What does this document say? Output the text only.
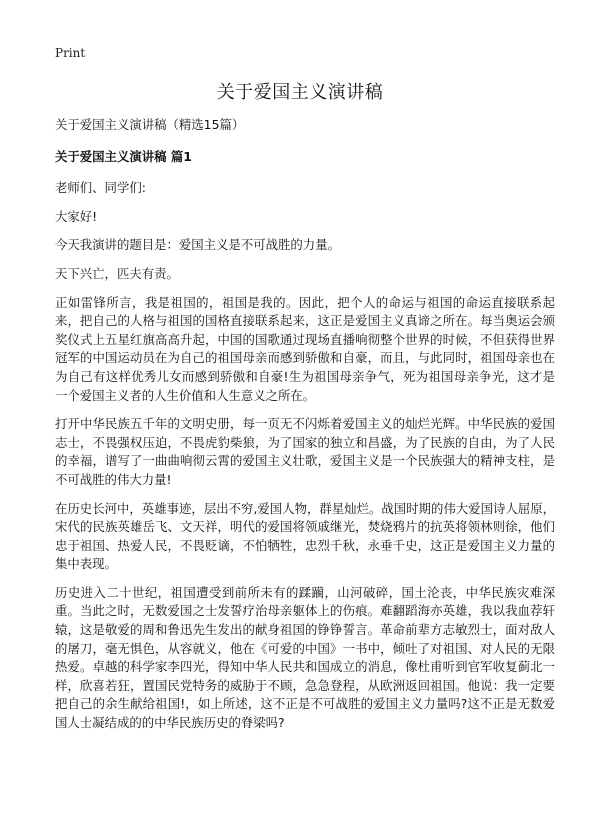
Print
关于爱国主义演讲稿

关于爱国主义演讲稿（精选15篇）

关于爱国主义演讲稿 篇1

老师们、同学们:

大家好!

今天我演讲的题目是：爱国主义是不可战胜的力量。

天下兴亡，匹夫有责。

正如雷锋所言，我是祖国的，祖国是我的。因此，把个人的命运与祖国的命运直接联系起来，把自己的人格与祖国的国格直接联系起来，这正是爱国主义真谛之所在。每当奥运会颁奖仪式上五星红旗高高升起，中国的国歌通过现场直播响彻整个世界的时候，不但获得世界冠军的中国运动员在为自己的祖国母亲而感到骄傲和自豪，而且，与此同时，祖国母亲也在为自己有这样优秀儿女而感到骄傲和自豪!生为祖国母亲争气，死为祖国母亲争光，这才是一个爱国主义者的人生价值和人生意义之所在。

打开中华民族五千年的文明史册，每一页无不闪烁着爱国主义的灿烂光辉。中华民族的爱国志士，不畏强权压迫，不畏虎豹柴狼，为了国家的独立和昌盛，为了民族的自由，为了人民的幸福，谱写了一曲曲响彻云霄的爱国主义壮歌，爱国主义是一个民族强大的精神支柱，是不可战胜的伟大力量!

在历史长河中，英雄事迹，层出不穷,爱国人物，群星灿烂。战国时期的伟大爱国诗人屈原，宋代的民族英雄岳飞、文天祥，明代的爱国将领戚继光，焚烧鸦片的抗英将领林则徐，他们忠于祖国、热爱人民，不畏贬谪，不怕牺牲，忠烈千秋，永垂千史，这正是爱国主义力量的集中表现。

历史进入二十世纪，祖国遭受到前所未有的蹂躏，山河破碎，国土沦丧，中华民族灾难深重。当此之时，无数爱国之士发誓疗治母亲躯体上的伤痕。难翻蹈海亦英雄，我以我血荐轩辕，这是敬爱的周和鲁迅先生发出的献身祖国的铮铮誓言。革命前辈方志敏烈士，面对敌人的屠刀，毫无惧色，从容就义，他在《可爱的中国》一书中，倾吐了对祖国、对人民的无限热爱。卓越的科学家李四光，得知中华人民共和国成立的消息，像杜甫听到官军收复蓟北一样，欣喜若狂，置国民党特务的威胁于不顾，急急登程，从欧洲返回祖国。他说：我一定要把自己的余生献给祖国!，如上所述，这不正是不可战胜的爱国主义力量吗?这不正是无数爱国人士凝结成的的中华民族历史的脊梁吗?
